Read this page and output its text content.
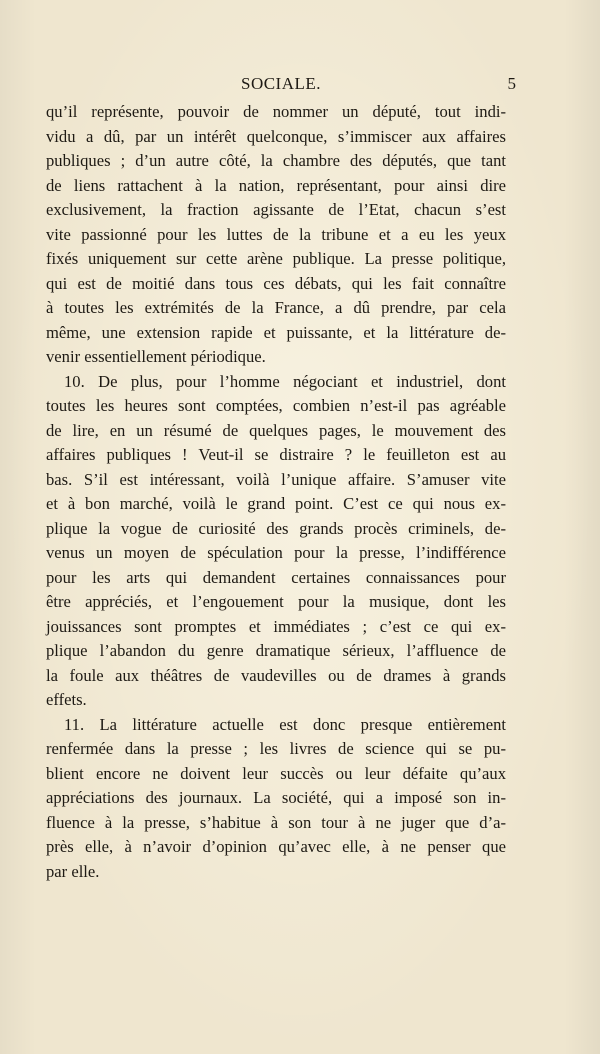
SOCIALE.	5
qu’il représente, pouvoir de nommer un député, tout indi-
vidu a dû, par un intérêt quelconque, s’immiscer aux affaires
publiques ; d’un autre côté, la chambre des députés, que tant
de liens rattachent à la nation, représentant, pour ainsi dire
exclusivement, la fraction agissante de l’Etat, chacun s’est
vite passionné pour les luttes de la tribune et a eu les yeux
fixés uniquement sur cette arène publique. La presse politique,
qui est de moitié dans tous ces débats, qui les fait connaître
à toutes les extrémités de la France, a dû prendre, par cela
même, une extension rapide et puissante, et la littérature de-
venir essentiellement périodique.
10. De plus, pour l’homme négociant et industriel, dont
toutes les heures sont comptées, combien n’est-il pas agréable
de lire, en un résumé de quelques pages, le mouvement des
affaires publiques ! Veut-il se distraire ? le feuilleton est au
bas. S’il est intéressant, voilà l’unique affaire. S’amuser vite
et à bon marché, voilà le grand point. C’est ce qui nous ex-
plique la vogue de curiosité des grands procès criminels, de-
venus un moyen de spéculation pour la presse, l’indifférence
pour les arts qui demandent certaines connaissances pour
être appréciés, et l’engouement pour la musique, dont les
jouissances sont promptes et immédiates ; c’est ce qui ex-
plique l’abandon du genre dramatique sérieux, l’affluence de
la foule aux théâtres de vaudevilles ou de drames à grands
effets.
11. La littérature actuelle est donc presque entièrement
renfermée dans la presse ; les livres de science qui se pu-
blient encore ne doivent leur succès ou leur défaite qu’aux
appréciations des journaux. La société, qui a imposé son in-
fluence à la presse, s’habitue à son tour à ne juger que d’a-
près elle, à n’avoir d’opinion qu’avec elle, à ne penser que
par elle.
